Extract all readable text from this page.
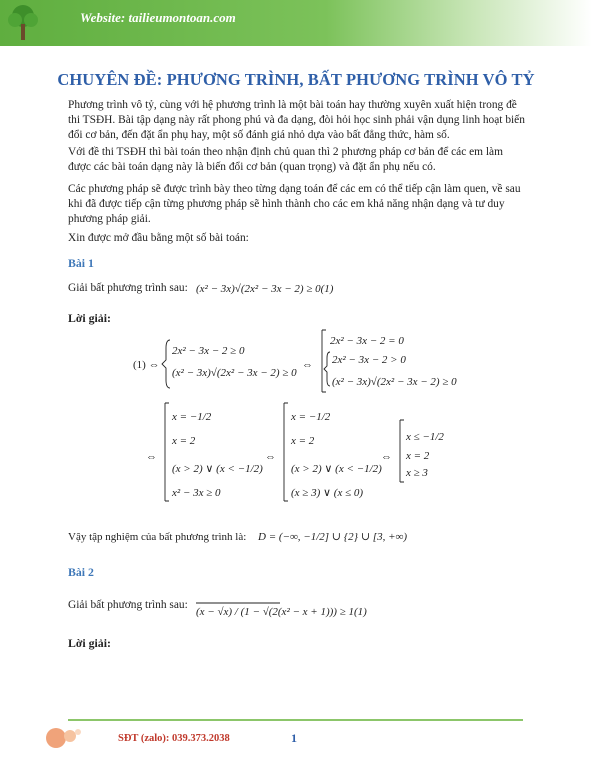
Website: tailieumontoan.com
CHUYÊN ĐỀ: PHƯƠNG TRÌNH, BẤT PHƯƠNG TRÌNH VÔ TỶ
Phương trình vô tỷ, cùng với hệ phương trình là một bài toán hay thường xuyên xuất hiện trong đề thi TSĐH. Bài tập dạng này rất phong phú và đa dạng, đòi hỏi học sinh phải vận dụng linh hoạt biến đổi cơ bản, đến đặt ẩn phụ hay, một số đánh giá nhỏ dựa vào bất đẳng thức, hàm số.
Với đề thi TSĐH thì bài toán theo nhận định chủ quan thì 2 phương pháp cơ bản để các em làm được các bài toán dạng này là biến đổi cơ bản (quan trọng) và đặt ẩn phụ nếu có.
Các phương pháp sẽ được trình bày theo từng dạng toán để các em có thể tiếp cận làm quen, về sau khi đã được tiếp cận từng phương pháp sẽ hình thành cho các em khả năng nhận dạng và tư duy phương pháp giải.
Xin được mở đầu bằng một số bài toán:
Bài 1
Giải bất phương trình sau:
Lời giải:
(x² − 3x)√(2x² − 3x − 2) ≥ 0(1)
(1) ⇔
2x² − 3x − 2 ≥ 0
(x² − 3x)√(2x² − 3x − 2) ≥ 0
⇔
2x² − 3x − 2 = 0
2x² − 3x − 2 > 0
(x² − 3x)√(2x² − 3x − 2) ≥ 0
⇔
x = −1/2
x = 2
(x > 2) ∨ (x < −1/2)
x² − 3x ≥ 0
⇔
x = −1/2
x = 2
(x > 2) ∨ (x < −1/2)
(x ≥ 3) ∨ (x ≤ 0)
⇔
x ≤ −1/2
x = 2
x ≥ 3
Vậy tập nghiệm của bất phương trình là: D = (−∞, −1/2] ∪ {2} ∪ [3, +∞)
(x − √x) / (1 − √(2(x² − x + 1))) ≥ 1(1)
Bài 2
Giải bất phương trình sau:
Lời giải:
SĐT (zalo): 039.373.2038	1
